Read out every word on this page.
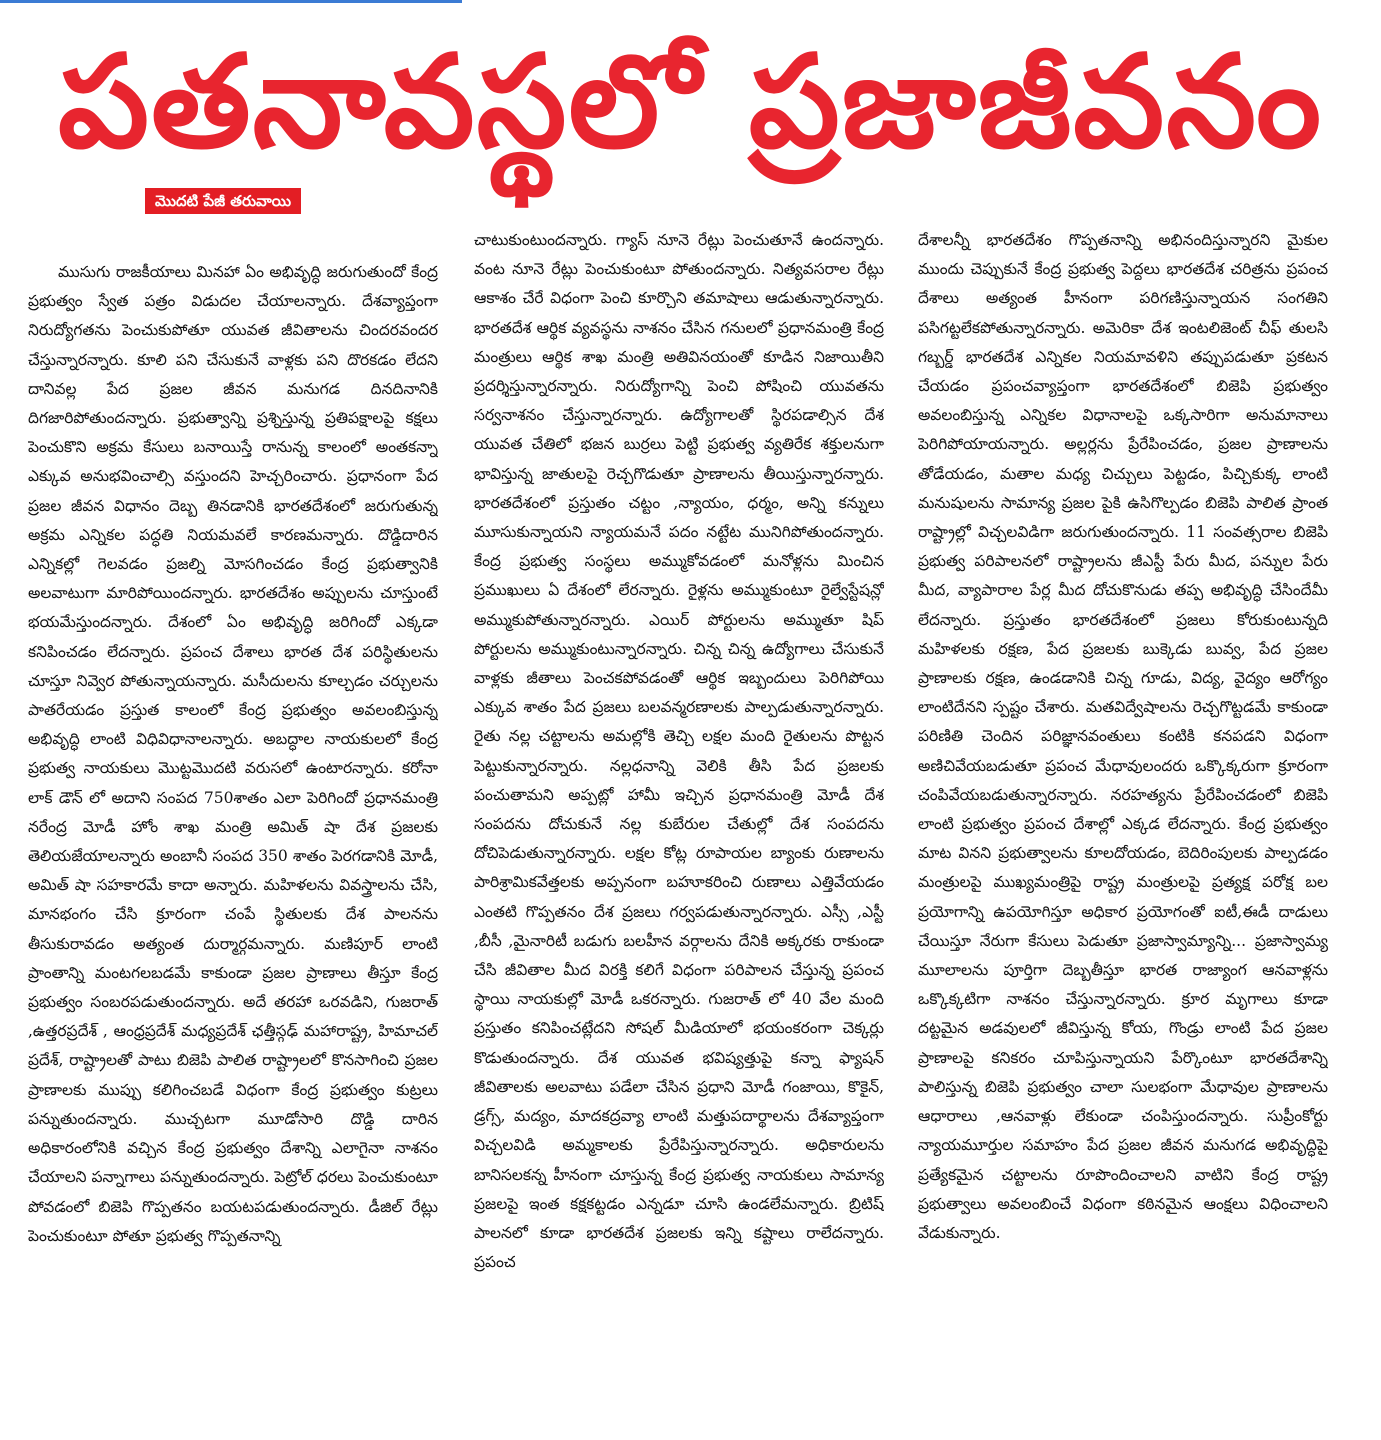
పతనావస్థలో ప్రజాజీవనం
మొదటి పేజీ తరువాయి
ముసుగు రాజకీయాలు మినహా ఏం అభివృద్ధి జరుగుతుందో కేంద్ర ప్రభుత్వం స్వేత పత్రం విడుదల చేయాలన్నారు. దేశవ్యాప్తంగా నిరుద్యోగతను పెంచుకుపోతూ యువత జీవితాలను చిందరవందర చేస్తున్నారన్నారు. కూలి పని చేసుకునే వాళ్లకు పని దొరకడం లేదని దానివల్ల పేద ప్రజల జీవన మనుగడ దినదినానికి దిగజారిపోతుందన్నారు. ప్రభుత్వాన్ని ప్రశ్నిస్తున్న ప్రతిపక్షాలపై కక్షలు పెంచుకొని అక్రమ కేసులు బనాయిస్తే రానున్న కాలంలో అంతకన్నా ఎక్కువ అనుభవించాల్సి వస్తుందని హెచ్చరించారు. ప్రధానంగా పేద ప్రజల జీవన విధానం దెబ్బ తినడానికి భారతదేశంలో జరుగుతున్న అక్రమ ఎన్నికల పద్ధతి నియమవలే కారణమన్నారు. దొడ్డిదారిన ఎన్నికల్లో గెలవడం ప్రజల్ని మోసగించడం కేంద్ర ప్రభుత్వానికి అలవాటుగా మారిపోయిందన్నారు. భారతదేశం అప్పులను చూస్తుంటే భయమేస్తుందన్నారు. దేశంలో ఏం అభివృద్ధి జరిగిందో ఎక్కడా కనిపించడం లేదన్నారు. ప్రపంచ దేశాలు భారత దేశ పరిస్థితులను చూస్తూ నివ్వెర పోతున్నాయన్నారు. మసీదులను కూల్చడం చర్చులను పాతరేయడం ప్రస్తుత కాలంలో కేంద్ర ప్రభుత్వం అవలంబిస్తున్న అభివృద్ధి లాంటి విధివిధానాలన్నారు. అబద్ధాల నాయకులలో కేంద్ర ప్రభుత్వ నాయకులు మొట్టమొదటి వరుసలో ఉంటారన్నారు. కరోనా లాక్ డౌన్ లో అదాని సంపద 750శాతం ఎలా పెరిగిందో ప్రధానమంత్రి నరేంద్ర మోడీ హోం శాఖ మంత్రి అమిత్ షా దేశ ప్రజలకు తెలియజేయాలన్నారు అంబానీ సంపద 350 శాతం పెరగడానికి మోడీ, అమిత్ షా సహకారమే కాదా అన్నారు. మహిళలను వివస్త్రాలను చేసి, మానభంగం చేసి క్రూరంగా చంపే స్థితులకు దేశ పాలనను తీసుకురావడం అత్యంత దుర్మార్గమన్నారు. మణిపూర్ లాంటి ప్రాంతాన్ని మంటగలబడమే కాకుండా ప్రజల ప్రాణాలు తీస్తూ కేంద్ర ప్రభుత్వం సంబరపడుతుందన్నారు. అదే తరహా ఒరవడిని, గుజరాత్ ,ఉత్తరప్రదేశ్ , ఆంధ్రప్రదేశ్ మధ్యప్రదేశ్ ఛత్తీస్గఢ్ మహారాష్ట్ర, హిమాచల్ ప్రదేశ్, రాష్ట్రాలతో పాటు బిజెపి పాలిత రాష్ట్రాలలో కొనసాగించి ప్రజల ప్రాణాలకు ముప్పు కలిగించబడే విధంగా కేంద్ర ప్రభుత్వం కుట్రలు పన్నుతుందన్నారు. ముచ్చటగా మూడోసారి దొడ్డి దారిన అధికారంలోనికి వచ్చిన కేంద్ర ప్రభుత్వం దేశాన్ని ఎలాగైనా నాశనం చేయాలని పన్నాగాలు పన్నుతుందన్నారు. పెట్రోల్ ధరలు పెంచుకుంటూ పోవడంలో బిజెపి గొప్పతనం బయటపడుతుందన్నారు. డీజిల్ రేట్లు పెంచుకుంటూ పోతూ ప్రభుత్వ గొప్పతనాన్ని
చాటుకుంటుందన్నారు. గ్యాస్ నూనె రేట్లు పెంచుతూనే ఉందన్నారు. వంట నూనె రేట్లు పెంచుకుంటూ పోతుందన్నారు. నిత్యవసరాల రేట్లు ఆకాశం చేరే విధంగా పెంచి కూర్చొని తమాషాలు ఆడుతున్నారన్నారు. భారతదేశ ఆర్థిక వ్యవస్థను నాశనం చేసిన గనులలో ప్రధానమంత్రి కేంద్ర మంత్రులు ఆర్థిక శాఖ మంత్రి అతివినయంతో కూడిన నిజాయితీని ప్రదర్శిస్తున్నారన్నారు. నిరుద్యోగాన్ని పెంచి పోషించి యువతను సర్వనాశనం చేస్తున్నారన్నారు. ఉద్యోగాలతో స్థిరపడాల్సిన దేశ యువత చేతిలో భజన బుర్రలు పెట్టి ప్రభుత్వ వ్యతిరేక శక్తులనుగా భావిస్తున్న జాతులపై రెచ్చగొడుతూ ప్రాణాలను తీయిస్తున్నారన్నారు. భారతదేశంలో ప్రస్తుతం చట్టం ,న్యాయం, ధర్మం, అన్ని కన్నులు మూసుకున్నాయని న్యాయమనే పదం నట్టేట మునిగిపోతుందన్నారు. కేంద్ర ప్రభుత్వ సంస్థలు అమ్ముకోవడంలో మనోళ్లను మించిన ప్రముఖులు ఏ దేశంలో లేరన్నారు. రైళ్లను అమ్ముకుంటూ రైల్వేస్టేషన్లో అమ్ముకుపోతున్నారన్నారు. ఎయిర్ పోర్టులను అమ్ముతూ షిప్ పోర్టులను అమ్ముకుంటున్నారన్నారు. చిన్న చిన్న ఉద్యోగాలు చేసుకునే వాళ్లకు జీతాలు పెంచకపోవడంతో ఆర్థిక ఇబ్బందులు పెరిగిపోయి ఎక్కువ శాతం పేద ప్రజలు బలవన్మరణాలకు పాల్పడుతున్నారన్నారు. రైతు నల్ల చట్టాలను అమల్లోకి తెచ్చి లక్షల మంది రైతులను పొట్టన పెట్టుకున్నారన్నారు. నల్లధనాన్ని వెలికి తీసి పేద ప్రజలకు పంచుతామని అప్పట్లో హామీ ఇచ్చిన ప్రధానమంత్రి మోడీ దేశ సంపదను దోచుకునే నల్ల కుబేరుల చేతుల్లో దేశ సంపదను దోచిపెడుతున్నారన్నారు. లక్షల కోట్ల రూపాయల బ్యాంకు రుణాలను పారిశ్రామికవేత్తలకు అప్పనంగా బహూకరించి రుణాలు ఎత్తివేయడం ఎంతటి గొప్పతనం దేశ ప్రజలు గర్వపడుతున్నారన్నారు. ఎస్సీ ,ఎస్టీ ,బీసీ ,మైనారిటీ బడుగు బలహీన వర్గాలను దేనికి అక్కరకు రాకుండా చేసి జీవితాల మీద విరక్తి కలిగే విధంగా పరిపాలన చేస్తున్న ప్రపంచ స్థాయి నాయకుల్లో మోడీ ఒకరన్నారు. గుజరాత్ లో 40 వేల మంది ప్రస్తుతం కనిపించట్లేదని సోషల్ మీడియాలో భయంకరంగా చెక్కర్లు కొడుతుందన్నారు. దేశ యువత భవిష్యత్తుపై కన్నా ఫ్యాషన్ జీవితాలకు అలవాటు పడేలా చేసిన ప్రధాని మోడీ గంజాయి, కొకైన్, డ్రగ్స్, మద్యం, మాదకద్రవ్యా లాంటి మత్తుపదార్థాలను దేశవ్యాప్తంగా విచ్చలవిడి అమ్మకాలకు ప్రేరేపిస్తున్నారన్నారు. అధికారులను బానిసలకన్న హీనంగా చూస్తున్న కేంద్ర ప్రభుత్వ నాయకులు సామాన్య ప్రజలపై ఇంత కక్షకట్టడం ఎన్నడూ చూసి ఉండలేమన్నారు. బ్రిటిష్ పాలనలో కూడా భారతదేశ ప్రజలకు ఇన్ని కష్టాలు రాలేదన్నారు. ప్రపంచ
దేశాలన్నీ భారతదేశం గొప్పతనాన్ని అభినందిస్తున్నారని మైకుల ముందు చెప్పుకునే కేంద్ర ప్రభుత్వ పెద్దలు భారతదేశ చరిత్రను ప్రపంచ దేశాలు అత్యంత హీనంగా పరిగణిస్తున్నాయన సంగతిని పసిగట్టలేకపోతున్నారన్నారు. అమెరికా దేశ ఇంటలిజెంట్ చీఫ్ తులసి గబ్బర్డ్ భారతదేశ ఎన్నికల నియమావళిని తప్పుపడుతూ ప్రకటన చేయడం ప్రపంచవ్యాప్తంగా భారతదేశంలో బిజెపి ప్రభుత్వం అవలంబిస్తున్న ఎన్నికల విధానాలపై ఒక్కసారిగా అనుమానాలు పెరిగిపోయాయన్నారు. అల్లర్లను ప్రేరేపించడం, ప్రజల ప్రాణాలను తోడేయడం, మతాల మధ్య చిచ్చులు పెట్టడం, పిచ్చికుక్క లాంటి మనుషులను సామాన్య ప్రజల పైకి ఉసిగొల్పడం బిజెపి పాలిత ప్రాంత రాష్ట్రాల్లో విచ్చలవిడిగా జరుగుతుందన్నారు. 11 సంవత్సరాల బిజెపి ప్రభుత్వ పరిపాలనలో రాష్ట్రాలను జీఎస్టీ పేరు మీద, పన్నుల పేరు మీద, వ్యాపారాల పేర్ల మీద దోచుకొనుడు తప్ప అభివృద్ధి చేసిందేమీ లేదన్నారు. ప్రస్తుతం భారతదేశంలో ప్రజలు కోరుకుంటున్నది మహిళలకు రక్షణ, పేద ప్రజలకు బుక్కెడు బువ్వ, పేద ప్రజల ప్రాణాలకు రక్షణ, ఉండడానికి చిన్న గూడు, విద్య, వైద్యం ఆరోగ్యం లాంటిదేనని స్పష్టం చేశారు. మతవిద్వేషాలను రెచ్చగొట్టడమే కాకుండా పరిణితి చెందిన పరిజ్ఞానవంతులు కంటికి కనపడని విధంగా అణిచివేయబడుతూ ప్రపంచ మేధావులందరు ఒక్కొక్కరుగా క్రూరంగా చంపివేయబడుతున్నారన్నారు. నరహత్యను ప్రేరేపించడంలో బిజెపి లాంటి ప్రభుత్వం ప్రపంచ దేశాల్లో ఎక్కడ లేదన్నారు. కేంద్ర ప్రభుత్వం మాట వినని ప్రభుత్వాలను కూలదోయడం, బెదిరింపులకు పాల్పడడం మంత్రులపై ముఖ్యమంత్రిపై రాష్ట్ర మంత్రులపై ప్రత్యక్ష పరోక్ష బల ప్రయోగాన్ని ఉపయోగిస్తూ అధికార ప్రయోగంతో ఐటీ,ఈడీ దాడులు చేయిస్తూ నేరుగా కేసులు పెడుతూ ప్రజాస్వామ్యాన్ని... ప్రజాస్వామ్య మూలాలను పూర్తిగా దెబ్బతీస్తూ భారత రాజ్యాంగ ఆనవాళ్లను ఒక్కొక్కటిగా నాశనం చేస్తున్నారన్నారు. క్రూర మృగాలు కూడా దట్టమైన అడవులలో జీవిస్తున్న కోయ, గొండ్రు లాంటి పేద ప్రజల ప్రాణాలపై కనికరం చూపిస్తున్నాయని పేర్కొంటూ భారతదేశాన్ని పాలిస్తున్న బిజెపి ప్రభుత్వం చాలా సులభంగా మేధావుల ప్రాణాలను ఆధారాలు ,ఆనవాళ్లు లేకుండా చంపిస్తుందన్నారు. సుప్రీంకోర్టు న్యాయమూర్తుల సమాహం పేద ప్రజల జీవన మనుగడ అభివృద్ధిపై ప్రత్యేకమైన చట్టాలను రూపొందించాలని వాటిని కేంద్ర రాష్ట్ర ప్రభుత్వాలు అవలంబించే విధంగా కఠినమైన ఆంక్షలు విధించాలని వేడుకున్నారు.
